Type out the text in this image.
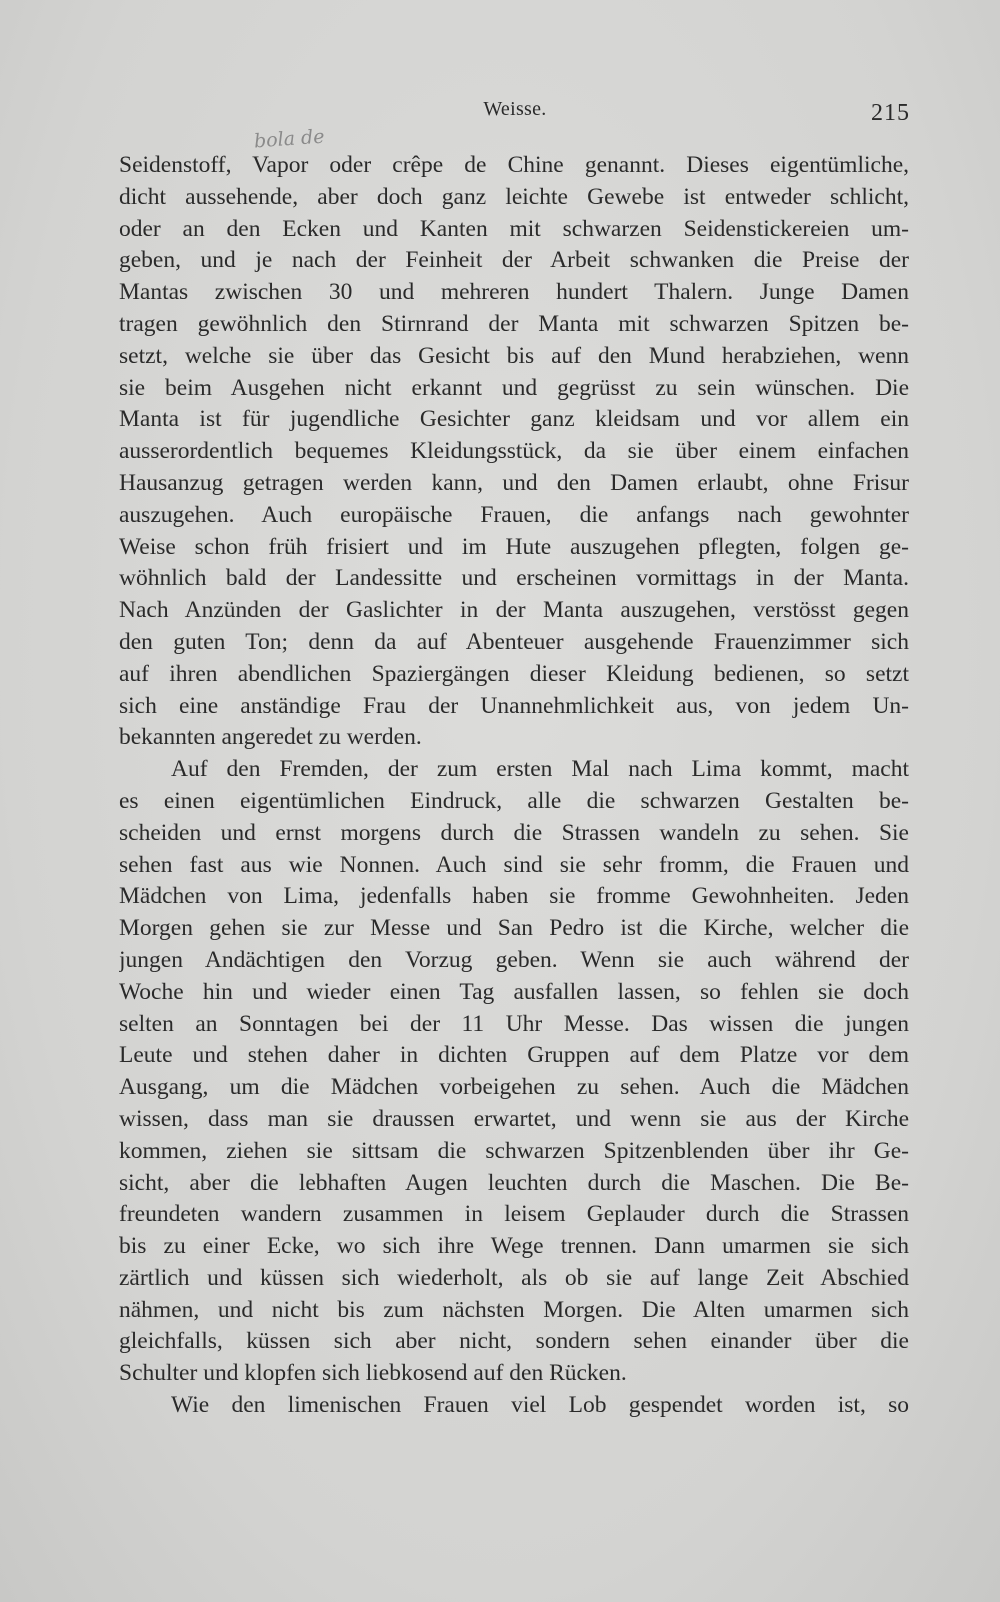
Weisse.	215
bola de
Seidenstoff, Vapor oder crêpe de Chine genannt. Dieses eigentümliche,
dicht aussehende, aber doch ganz leichte Gewebe ist entweder schlicht,
oder an den Ecken und Kanten mit schwarzen Seidenstickereien um-
geben, und je nach der Feinheit der Arbeit schwanken die Preise der
Mantas zwischen 30 und mehreren hundert Thalern. Junge Damen
tragen gewöhnlich den Stirnrand der Manta mit schwarzen Spitzen be-
setzt, welche sie über das Gesicht bis auf den Mund herabziehen, wenn
sie beim Ausgehen nicht erkannt und gegrüsst zu sein wünschen. Die
Manta ist für jugendliche Gesichter ganz kleidsam und vor allem ein
ausserordentlich bequemes Kleidungsstück, da sie über einem einfachen
Hausanzug getragen werden kann, und den Damen erlaubt, ohne Frisur
auszugehen. Auch europäische Frauen, die anfangs nach gewohnter
Weise schon früh frisiert und im Hute auszugehen pflegten, folgen ge-
wöhnlich bald der Landessitte und erscheinen vormittags in der Manta.
Nach Anzünden der Gaslichter in der Manta auszugehen, verstösst gegen
den guten Ton; denn da auf Abenteuer ausgehende Frauenzimmer sich
auf ihren abendlichen Spaziergängen dieser Kleidung bedienen, so setzt
sich eine anständige Frau der Unannehmlichkeit aus, von jedem Un-
bekannten angeredet zu werden.
Auf den Fremden, der zum ersten Mal nach Lima kommt, macht
es einen eigentümlichen Eindruck, alle die schwarzen Gestalten be-
scheiden und ernst morgens durch die Strassen wandeln zu sehen. Sie
sehen fast aus wie Nonnen. Auch sind sie sehr fromm, die Frauen und
Mädchen von Lima, jedenfalls haben sie fromme Gewohnheiten. Jeden
Morgen gehen sie zur Messe und San Pedro ist die Kirche, welcher die
jungen Andächtigen den Vorzug geben. Wenn sie auch während der
Woche hin und wieder einen Tag ausfallen lassen, so fehlen sie doch
selten an Sonntagen bei der 11 Uhr Messe. Das wissen die jungen
Leute und stehen daher in dichten Gruppen auf dem Platze vor dem
Ausgang, um die Mädchen vorbeigehen zu sehen. Auch die Mädchen
wissen, dass man sie draussen erwartet, und wenn sie aus der Kirche
kommen, ziehen sie sittsam die schwarzen Spitzenblenden über ihr Ge-
sicht, aber die lebhaften Augen leuchten durch die Maschen. Die Be-
freundeten wandern zusammen in leisem Geplauder durch die Strassen
bis zu einer Ecke, wo sich ihre Wege trennen. Dann umarmen sie sich
zärtlich und küssen sich wiederholt, als ob sie auf lange Zeit Abschied
nähmen, und nicht bis zum nächsten Morgen. Die Alten umarmen sich
gleichfalls, küssen sich aber nicht, sondern sehen einander über die
Schulter und klopfen sich liebkosend auf den Rücken.
Wie den limenischen Frauen viel Lob gespendet worden ist, so
